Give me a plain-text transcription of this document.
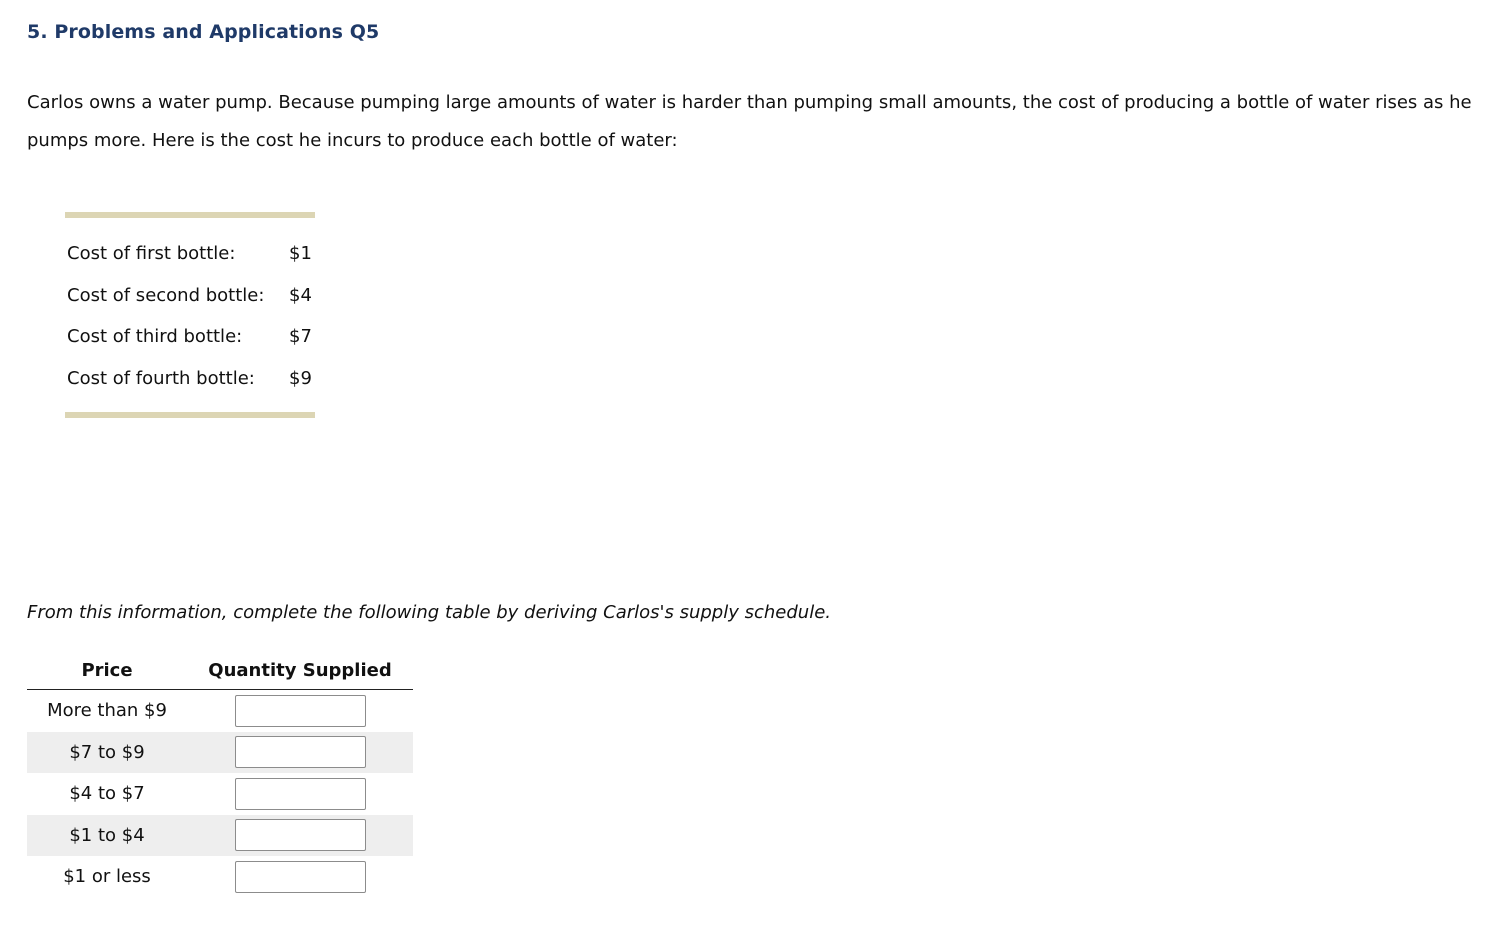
5. Problems and Applications Q5

Carlos owns a water pump. Because pumping large amounts of water is harder than pumping small amounts, the cost of producing a bottle of water rises as he pumps more. Here is the cost he incurs to produce each bottle of water:

Cost of first bottle:	$1
Cost of second bottle:	$4
Cost of third bottle:	$7
Cost of fourth bottle:	$9

From this information, complete the following table by deriving Carlos's supply schedule.

Price	Quantity Supplied
More than $9	
$7 to $9	
$4 to $7	
$1 to $4	
$1 or less	
